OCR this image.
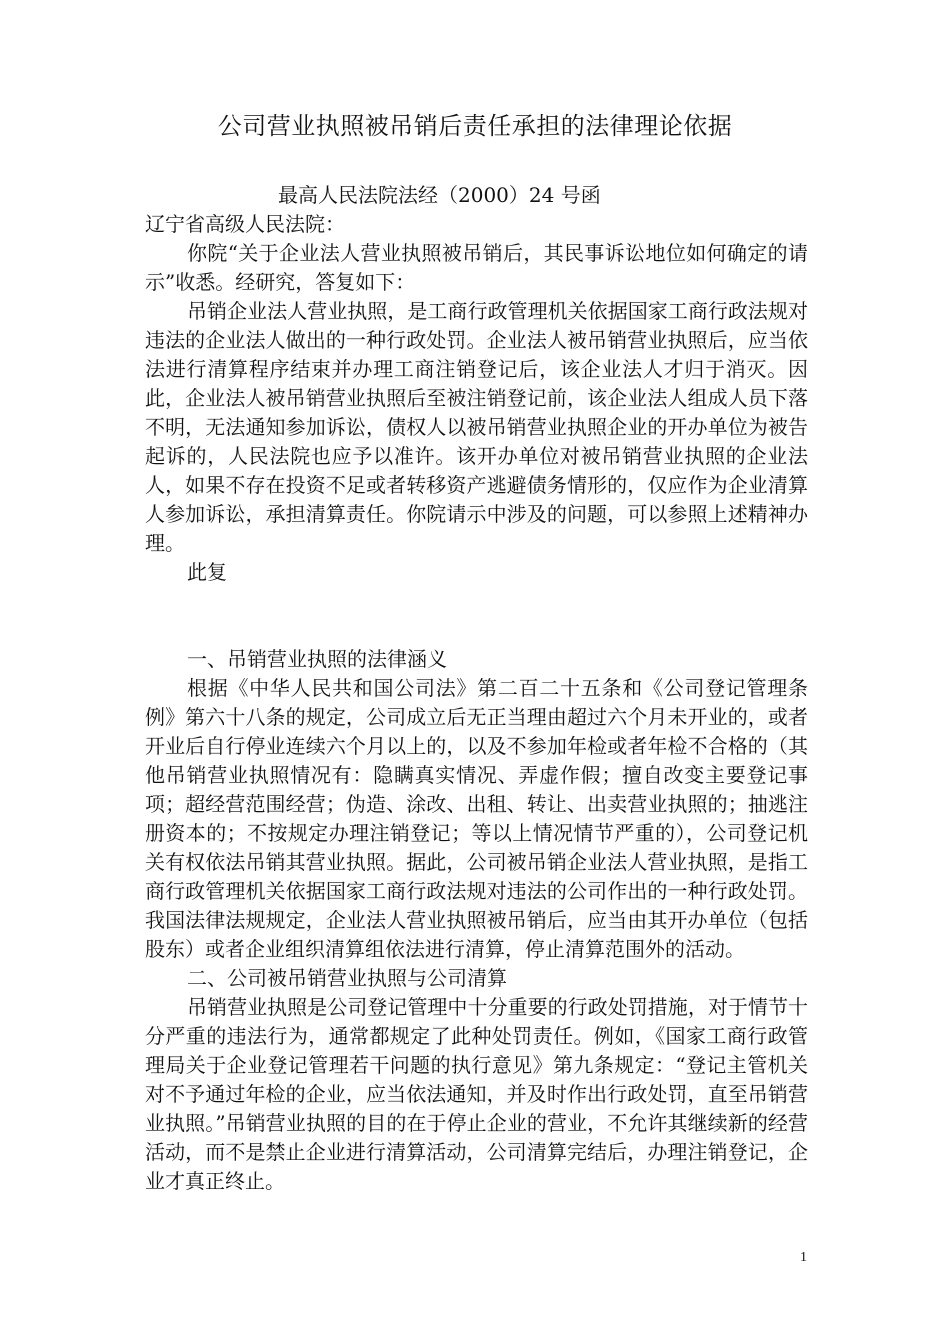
公司营业执照被吊销后责任承担的法律理论依据
最高人民法院法经（2000）24 号函

辽宁省高级人民法院：

你院“关于企业法人营业执照被吊销后，其民事诉讼地位如何确定的请示”收悉。经研究，答复如下：

吊销企业法人营业执照，是工商行政管理机关依据国家工商行政法规对违法的企业法人做出的一种行政处罚。企业法人被吊销营业执照后，应当依法进行清算程序结束并办理工商注销登记后，该企业法人才归于消灭。因此，企业法人被吊销营业执照后至被注销登记前，该企业法人组成人员下落不明，无法通知参加诉讼，债权人以被吊销营业执照企业的开办单位为被告起诉的，人民法院也应予以准许。该开办单位对被吊销营业执照的企业法人，如果不存在投资不足或者转移资产逃避债务情形的，仅应作为企业清算人参加诉讼，承担清算责任。你院请示中涉及的问题，可以参照上述精神办理。

此复

一、吊销营业执照的法律涵义

根据《中华人民共和国公司法》第二百二十五条和《公司登记管理条例》第六十八条的规定，公司成立后无正当理由超过六个月未开业的，或者开业后自行停业连续六个月以上的，以及不参加年检或者年检不合格的（其他吊销营业执照情况有：隐瞒真实情况、弄虚作假；擅自改变主要登记事项；超经营范围经营；伪造、涂改、出租、转让、出卖营业执照的；抽逃注册资本的；不按规定办理注销登记；等以上情况情节严重的），公司登记机关有权依法吊销其营业执照。据此，公司被吊销企业法人营业执照，是指工商行政管理机关依据国家工商行政法规对违法的公司作出的一种行政处罚。我国法律法规规定，企业法人营业执照被吊销后，应当由其开办单位（包括股东）或者企业组织清算组依法进行清算，停止清算范围外的活动。

二、公司被吊销营业执照与公司清算

吊销营业执照是公司登记管理中十分重要的行政处罚措施，对于情节十分严重的违法行为，通常都规定了此种处罚责任。例如，《国家工商行政管理局关于企业登记管理若干问题的执行意见》第九条规定：“登记主管机关对不予通过年检的企业，应当依法通知，并及时作出行政处罚，直至吊销营业执照。”吊销营业执照的目的在于停止企业的营业，不允许其继续新的经营活动，而不是禁止企业进行清算活动，公司清算完结后，办理注销登记，企业才真正终止。

1
